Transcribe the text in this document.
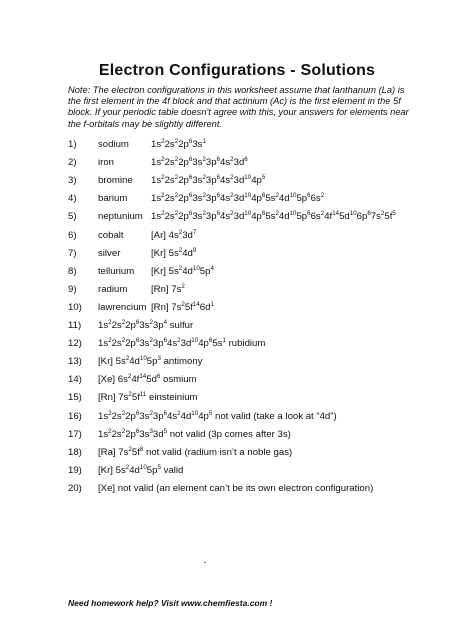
Electron Configurations - Solutions
Note: The electron configurations in this worksheet assume that lanthanum (La) is the first element in the 4f block and that actinium (Ac) is the first element in the 5f block. If your periodic table doesn't agree with this, your answers for elements near the f-orbitals may be slightly different.
1) sodium $1s^22s^22p^63s^1$
2) iron	$1s^22s^22p^63s^23p^64s^23d^6$
3) bromine $1s^22s^22p^63s^23p^64s^23d^{10}4p^5$
4) barium $1s^22s^22p^63s^23p^64s^23d^{10}4p^65s^24d^{10}5p^66s^2$
5) neptunium $1s^22s^22p^63s^23p^64s^23d^{10}4p^65s^24d^{10}5p^66s^24f^{14}5d^{10}6p^67s^25f^5$
6) cobalt	[Ar] $4s^23d^7$
7) silver	[Kr] $5s^24d^9$
8) tellurium [Kr] $5s^24d^{10}5p^4$
9) radium [Rn] $7s^2$
10) lawrencium [Rn] $7s^25f^{14}6d^1$
11) $1s^22s^22p^63s^23p^4$ sulfur
12) $1s^22s^22p^63s^23p^64s^23d^{10}4p^65s^1$ rubidium
13) [Kr] $5s^24d^{10}5p^3$ antimony
14) [Xe] $6s^24f^{14}5d^6$ osmium
15) [Rn] $7s^25f^{11}$ einsteinium
16) $1s^22s^22p^63s^23p^64s^24d^{10}4p^5$ not valid (take a look at “4d”)
17) $1s^22s^22p^63s^33d^5$ not valid (3p comes after 3s)
18) [Ra] $7s^25f^8$ not valid (radium isn’t a noble gas)
19) [Kr] $5s^24d^{10}5p^5$ valid
20) [Xe] not valid (an element can’t be its own electron configuration)
Need homework help? Visit www.chemfiesta.com !
